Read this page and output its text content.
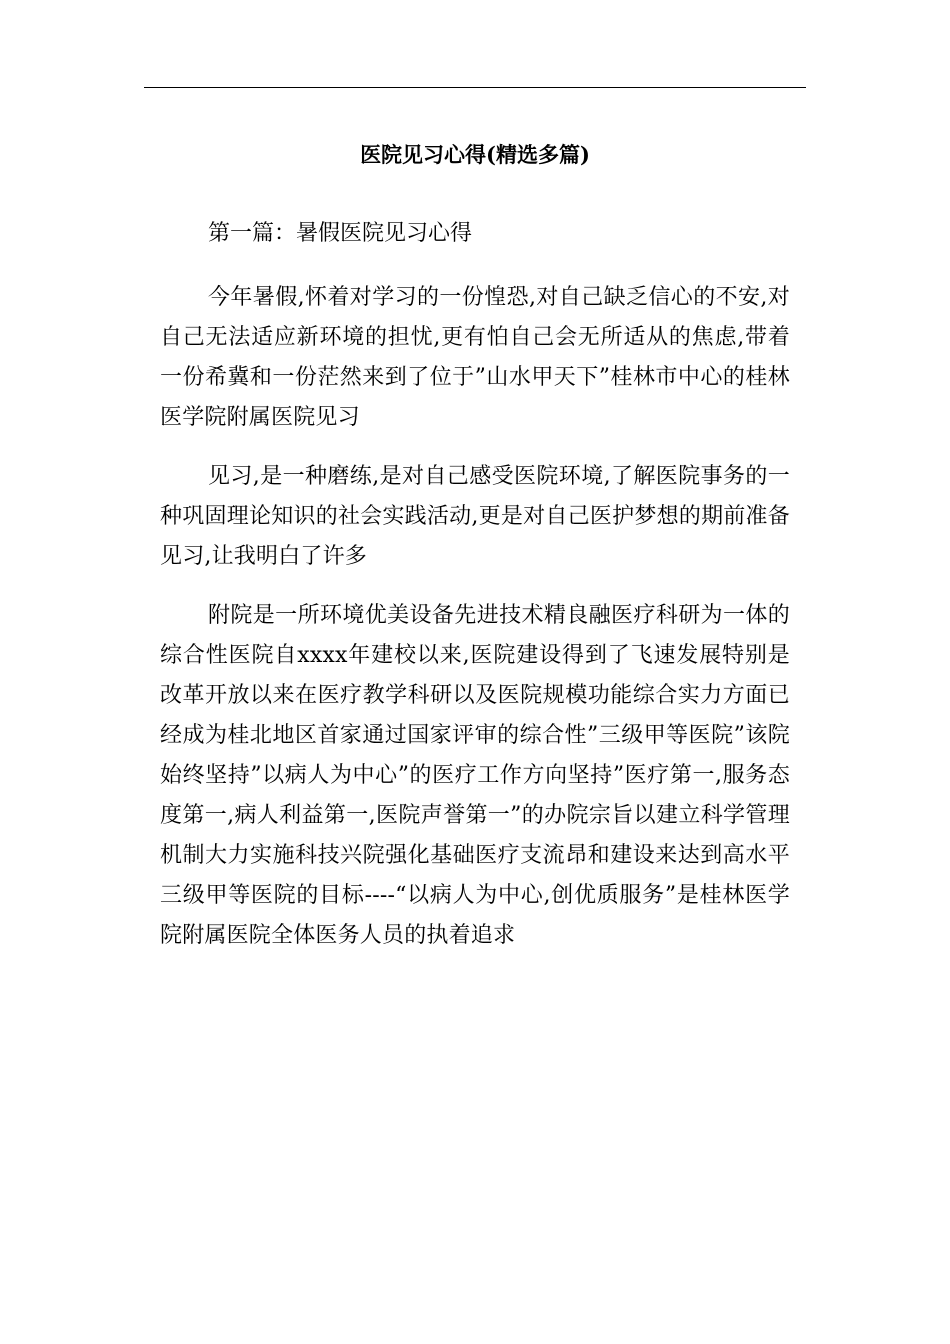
医院见习心得(精选多篇)

第一篇：暑假医院见习心得

今年暑假,怀着对学习的一份惶恐,对自己缺乏信心的不安,对自己无法适应新环境的担忧,更有怕自己会无所适从的焦虑,带着一份希冀和一份茫然来到了位于”山水甲天下”桂林市中心的桂林医学院附属医院见习

见习,是一种磨练,是对自己感受医院环境,了解医院事务的一种巩固理论知识的社会实践活动,更是对自己医护梦想的期前准备见习,让我明白了许多

附院是一所环境优美设备先进技术精良融医疗科研为一体的综合性医院自xxxx年建校以来,医院建设得到了飞速发展特别是改革开放以来在医疗教学科研以及医院规模功能综合实力方面已经成为桂北地区首家通过国家评审的综合性”三级甲等医院”该院始终坚持”以病人为中心”的医疗工作方向坚持”医疗第一,服务态度第一,病人利益第一,医院声誉第一”的办院宗旨以建立科学管理机制大力实施科技兴院强化基础医疗支流昂和建设来达到高水平三级甲等医院的目标----“以病人为中心,创优质服务”是桂林医学院附属医院全体医务人员的执着追求
